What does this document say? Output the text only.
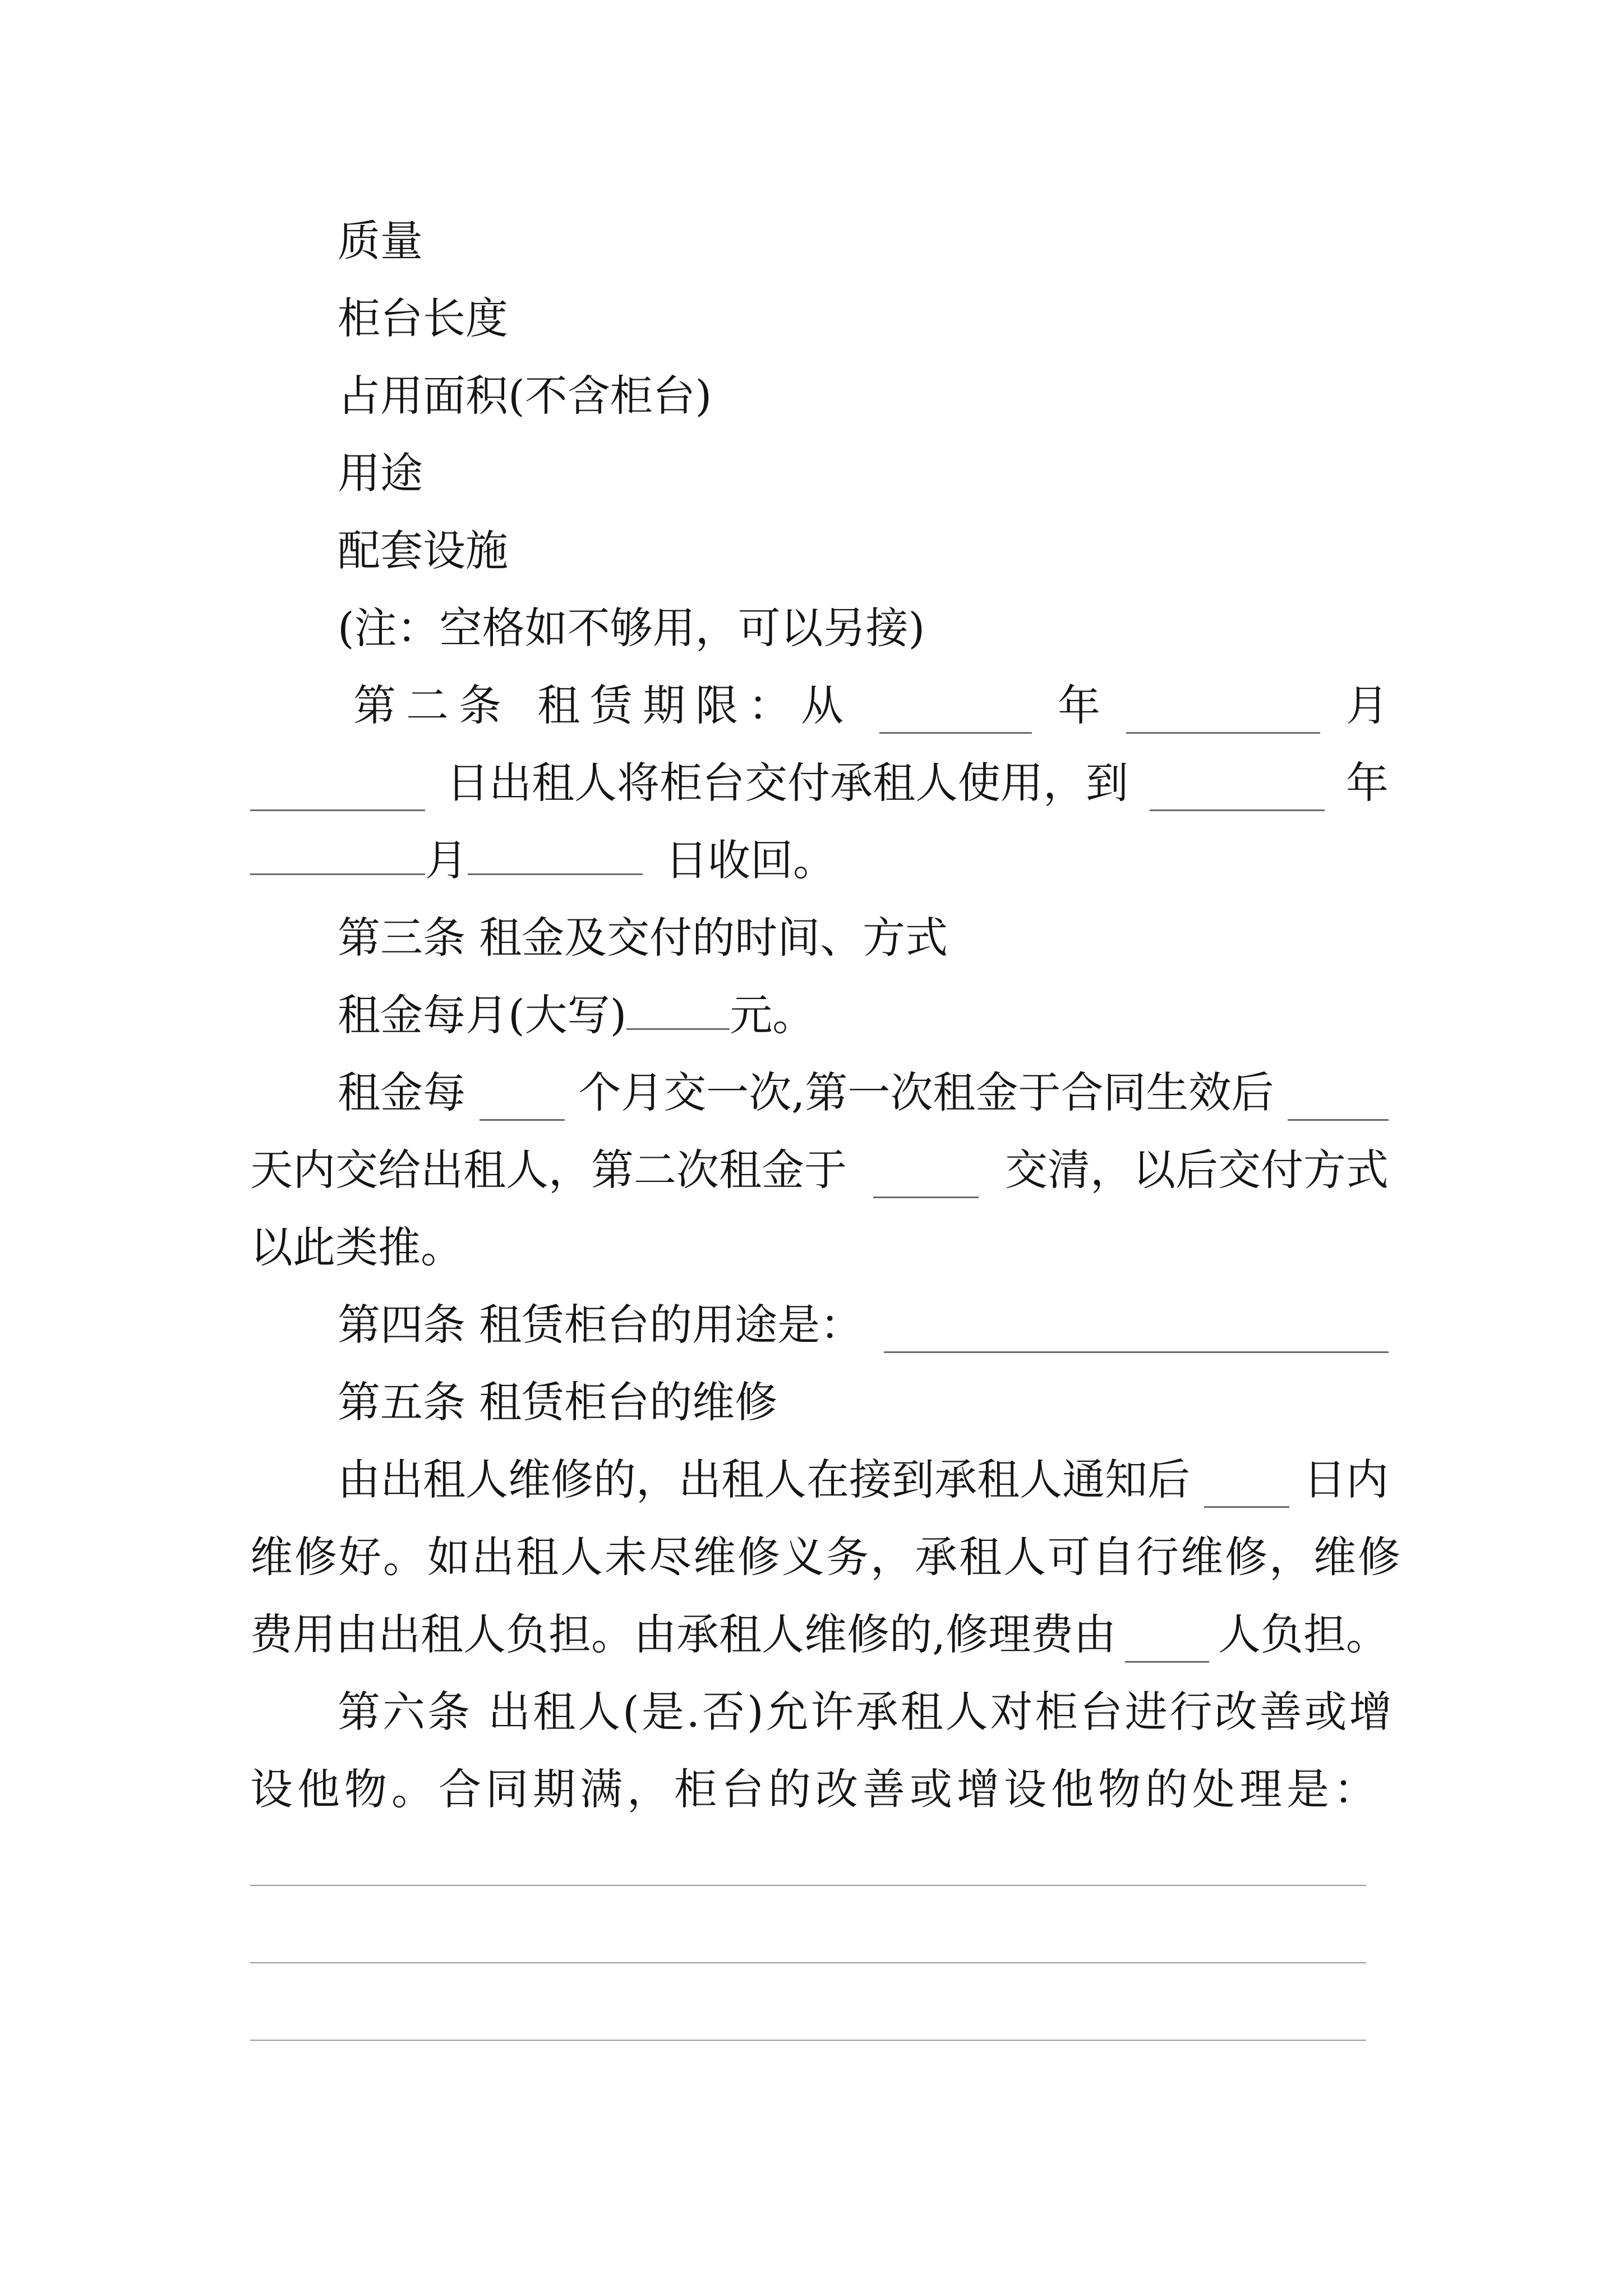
质量
柜台长度
占用面积(不含柜台)
用途
配套设施
(注：空格如不够用，可以另接)
第二条 租赁期限：从	年	月
日出租人将柜台交付承租人使用，到	年
月	日收回。
第三条 租金及交付的时间、方式
租金每月(大写) 元。
租金每	个月交一次,第一次租金于合同生效后
天内交给出租人，第二次租金于	交清，以后交付方式
以此类推。
第四条 租赁柜台的用途是：
第五条 租赁柜台的维修
由出租人维修的，出租人在接到承租人通知后	日内
维修好。如出租人未尽维修义务，承租人可自行维修，维修
费用由出租人负担。由承租人维修的,修理费由 人负担。
第六条 出租人(是.否)允许承租人对柜台进行改善或增
设他物。合同期满，柜台的改善或增设他物的处理是：
